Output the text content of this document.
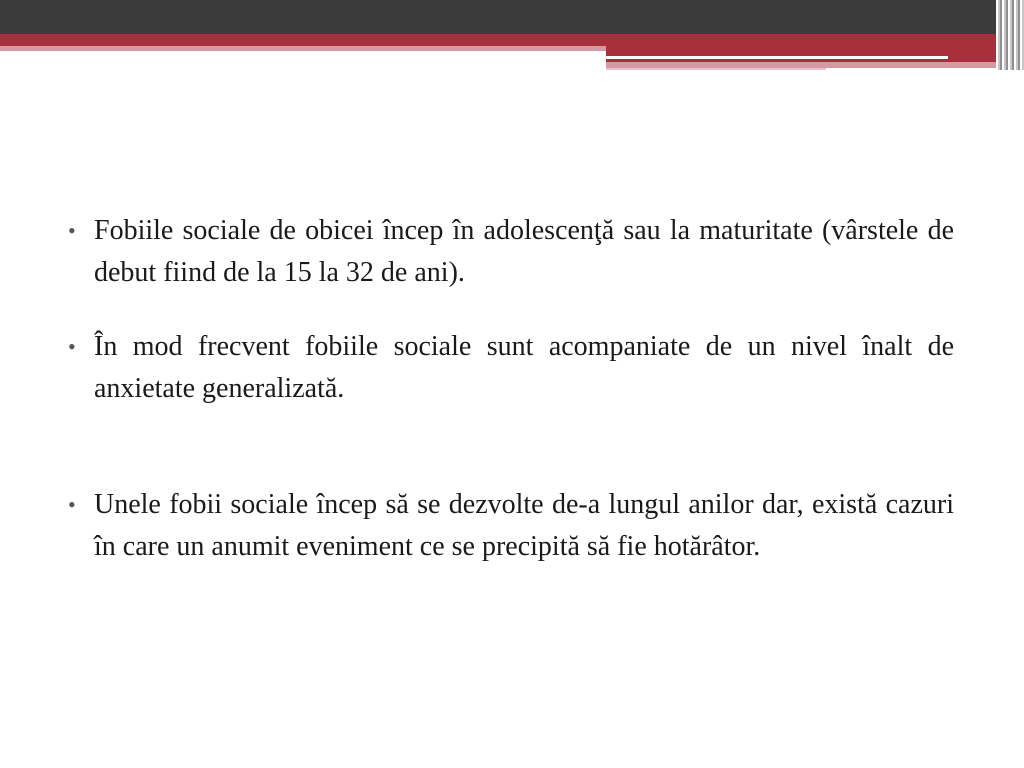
• Fobiile sociale de obicei încep în adolescenţă sau la maturitate (vârstele de debut fiind de la 15 la 32 de ani).
• În mod frecvent fobiile sociale sunt acompaniate de un nivel înalt de anxietate generalizată.
• Unele fobii sociale încep să se dezvolte de-a lungul anilor dar, există cazuri în care un anumit eveniment ce se precipită să fie hotărâtor.
